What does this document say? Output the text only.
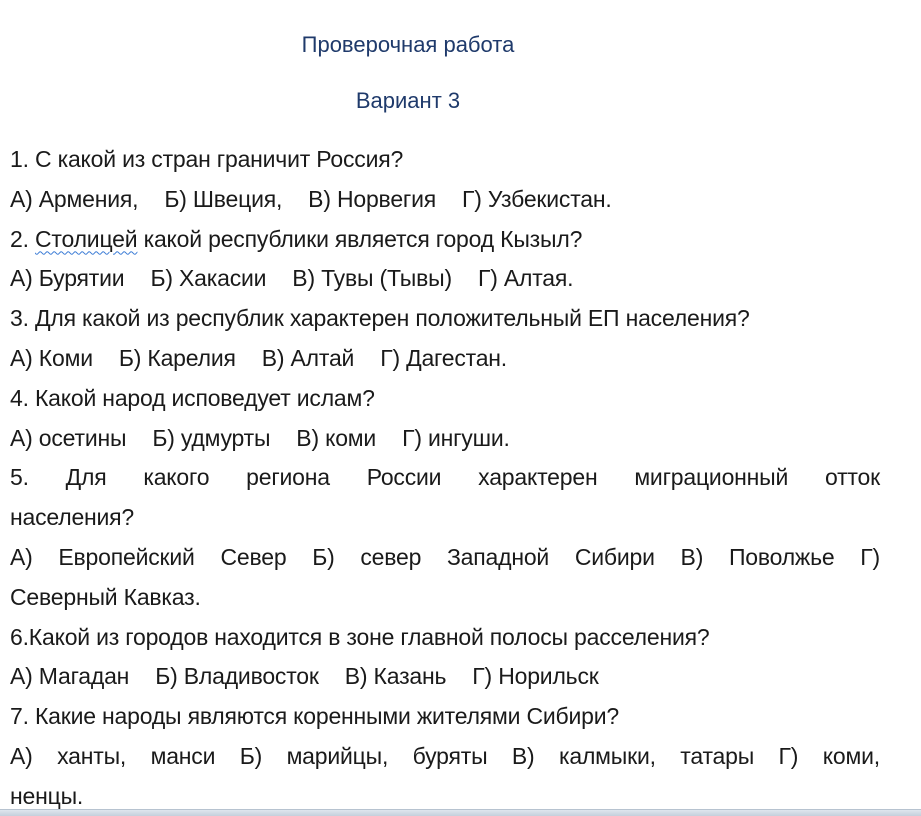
Проверочная работа
Вариант 3
1. С какой из стран граничит Россия?
А) Армения, Б) Швеция, В) Норвегия Г) Узбекистан.
2. Столицей какой республики является город Кызыл?
А) Бурятии Б) Хакасии В) Тувы (Тывы) Г) Алтая.
3. Для какой из республик характерен положительный ЕП населения?
А) Коми Б) Карелия В) Алтай Г) Дагестан.
4. Какой народ исповедует ислам?
А) осетины Б) удмурты В) коми Г) ингуши.
5. Для какого региона России характерен миграционный отток
населения?
А) Европейский Север Б) север Западной Сибири В) Поволжье Г)
Северный Кавказ.
6.Какой из городов находится в зоне главной полосы расселения?
А) Магадан Б) Владивосток В) Казань Г) Норильск
7. Какие народы являются коренными жителями Сибири?
А) ханты, манси Б) марийцы, буряты В) калмыки, татары Г) коми,
ненцы.
